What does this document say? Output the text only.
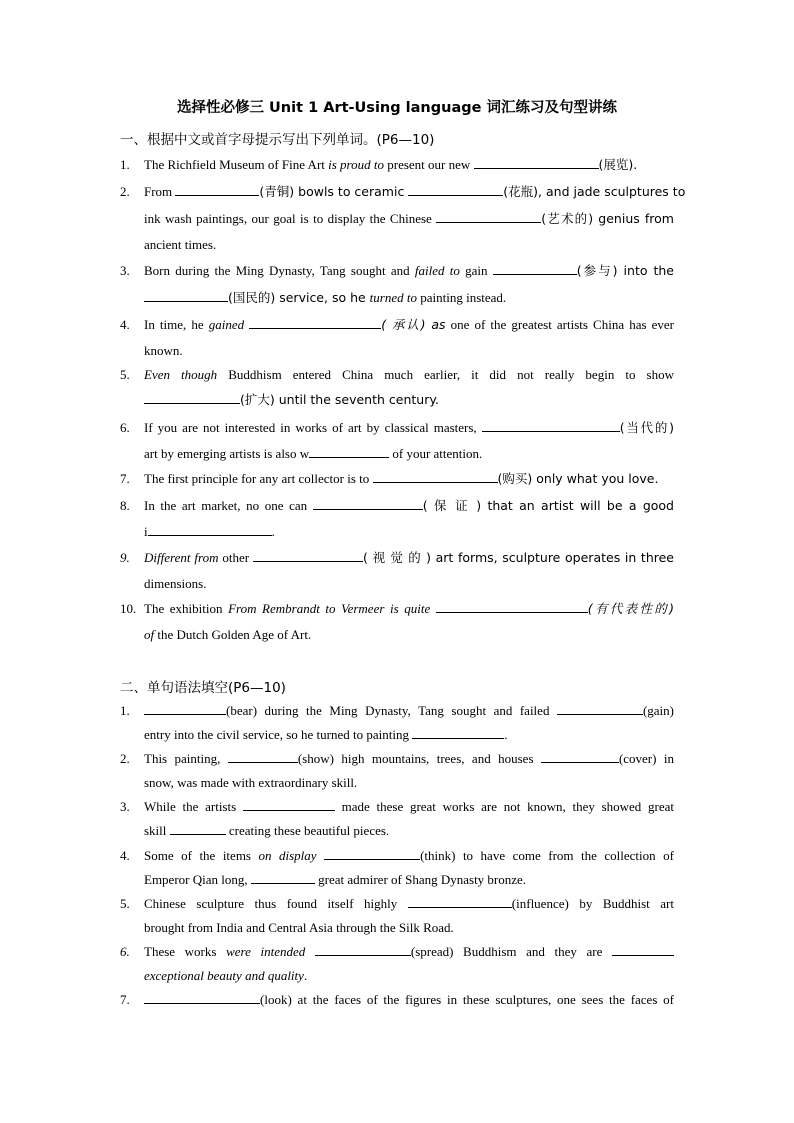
选择性必修三 Unit 1 Art-Using language 词汇练习及句型讲练
一、根据中文或首字母提示写出下列单词。(P6—10)
1. The Richfield Museum of Fine Art is proud to present our new	(展览).
2. From	(青铜) bowls to ceramic	(花瓶), and jade sculptures to
ink wash paintings, our goal is to display the Chinese	(艺术的) genius from
ancient times.
3. Born during the Ming Dynasty, Tang sought and failed to gain	(参与) into the
(国民的) service, so he turned to painting instead.
4. In time, he gained	( 承认) as one of the greatest artists China has ever
known.
5. Even though Buddhism entered China much earlier, it did not really begin to show
(扩大) until the seventh century.
6. If you are not interested in works of art by classical masters,	(当代的)
art by emerging artists is also w	of your attention.
7. The first principle for any art collector is to	(购买) only what you love.
8. In the art market, no one can	( 保 证 ) that an artist will be a good
i	.
9. Different from other	( 视 觉 的 ) art forms, sculpture operates in three
dimensions.
10. The exhibition From Rembrandt to Vermeer is quite	(有代表性的)
of the Dutch Golden Age of Art.
二、单句语法填空(P6—10)
1.	(bear) during the Ming Dynasty, Tang sought and failed	(gain)
entry into the civil service, so he turned to painting	.
2. This painting,	(show) high mountains, trees, and houses	(cover) in
snow, was made with extraordinary skill.
3. While the artists	made these great works are not known, they showed great
skill	creating these beautiful pieces.
4. Some of the items on display	(think) to have come from the collection of
Emperor Qian long,	great admirer of Shang Dynasty bronze.
5. Chinese sculpture thus found itself highly	(influence) by Buddhist art
brought from India and Central Asia through the Silk Road.
6. These works were intended	(spread) Buddhism and they are
exceptional beauty and quality.
7.	(look) at the faces of the figures in these sculptures, one sees the faces of
